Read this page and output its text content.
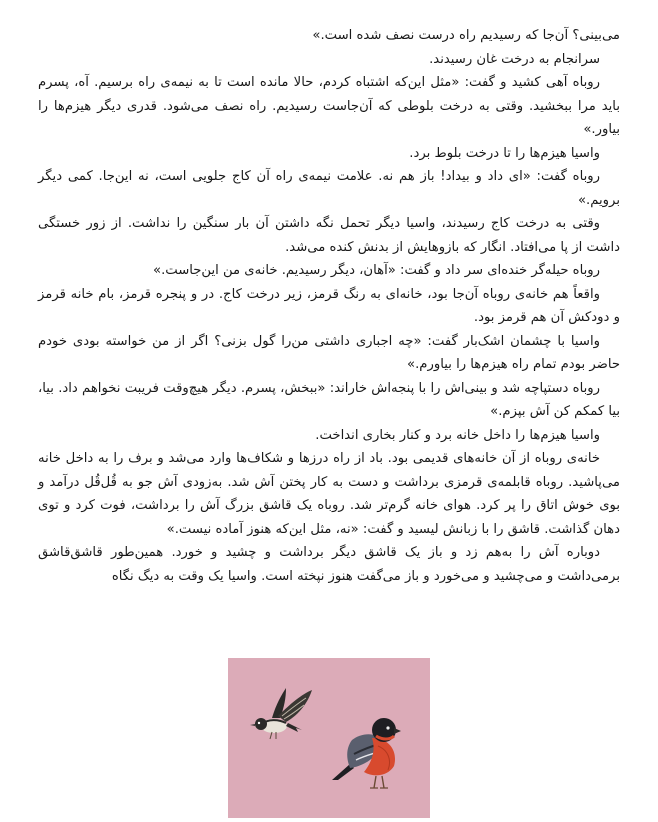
می‌بینی؟ آن‌جا که رسیدیم راه درست نصف شده است.»

سرانجام به درخت غان رسیدند.

روباه آهی کشید و گفت: «مثل این‌که اشتباه کردم، حالا مانده است تا به نیمه‌ی راه برسیم. آه، پسرم باید مرا ببخشید. وقتی به درخت بلوطی که آن‌جاست رسیدیم. راه نصف می‌شود. قدری دیگر هیزم‌ها را بیاور.»

واسیا هیزم‌ها را تا درخت بلوط برد.

روباه گفت: «ای داد و بیداد! باز هم نه. علامت نیمه‌ی راه آن کاج جلویی است، نه این‌جا. کمی دیگر برویم.»

وقتی به درخت کاج رسیدند، واسیا دیگر تحمل نگه داشتن آن بار سنگین را نداشت. از زور خستگی داشت از پا می‌افتاد. انگار که بازوهایش از بدنش کنده می‌شد.

روباه حیله‌گر خنده‌ای سر داد و گفت: «آهان، دیگر رسیدیم. خانه‌ی من این‌جاست.»

واقعاً هم خانه‌ی روباه آن‌جا بود، خانه‌ای به رنگ قرمز، زیر درخت کاج. در و پنجره قرمز، بام خانه قرمز و دودکش آن هم قرمز بود.

واسیا با چشمان اشک‌بار گفت: «چه اجباری داشتی من‌را گول بزنی؟ اگر از من خواسته بودی خودم حاضر بودم تمام راه هیزم‌ها را بیاورم.»

روباه دستپاچه شد و بینی‌اش را با پنجه‌اش خاراند: «ببخش، پسرم. دیگر هیچ‌وقت فریبت نخواهم داد. بیا، بیا کمکم کن آش بپزم.»

واسیا هیزم‌ها را داخل خانه برد و کنار بخاری انداخت.

خانه‌ی روباه از آن خانه‌های قدیمی بود. باد از راه درزها و شکاف‌ها وارد می‌شد و برف را به داخل خانه می‌پاشید. روباه قابلمه‌ی قرمزی برداشت و دست به کار پختن آش شد. به‌زودی آش جو به قُل‌قُل درآمد و بوی خوش اتاق را پر کرد. هوای خانه گرم‌تر شد. روباه یک قاشق بزرگ آش را برداشت، فوت کرد و توی دهان گذاشت. قاشق را با زبانش لیسید و گفت: «نه، مثل این‌که هنوز آماده نیست.»

دوباره آش را به‌هم زد و باز یک قاشق دیگر برداشت و چشید و خورد. همین‌طور قاشق‌قاشق برمی‌داشت و می‌چشید و می‌خورد و باز می‌گفت هنوز نپخته است. واسیا یک وقت به دیگ نگاه
